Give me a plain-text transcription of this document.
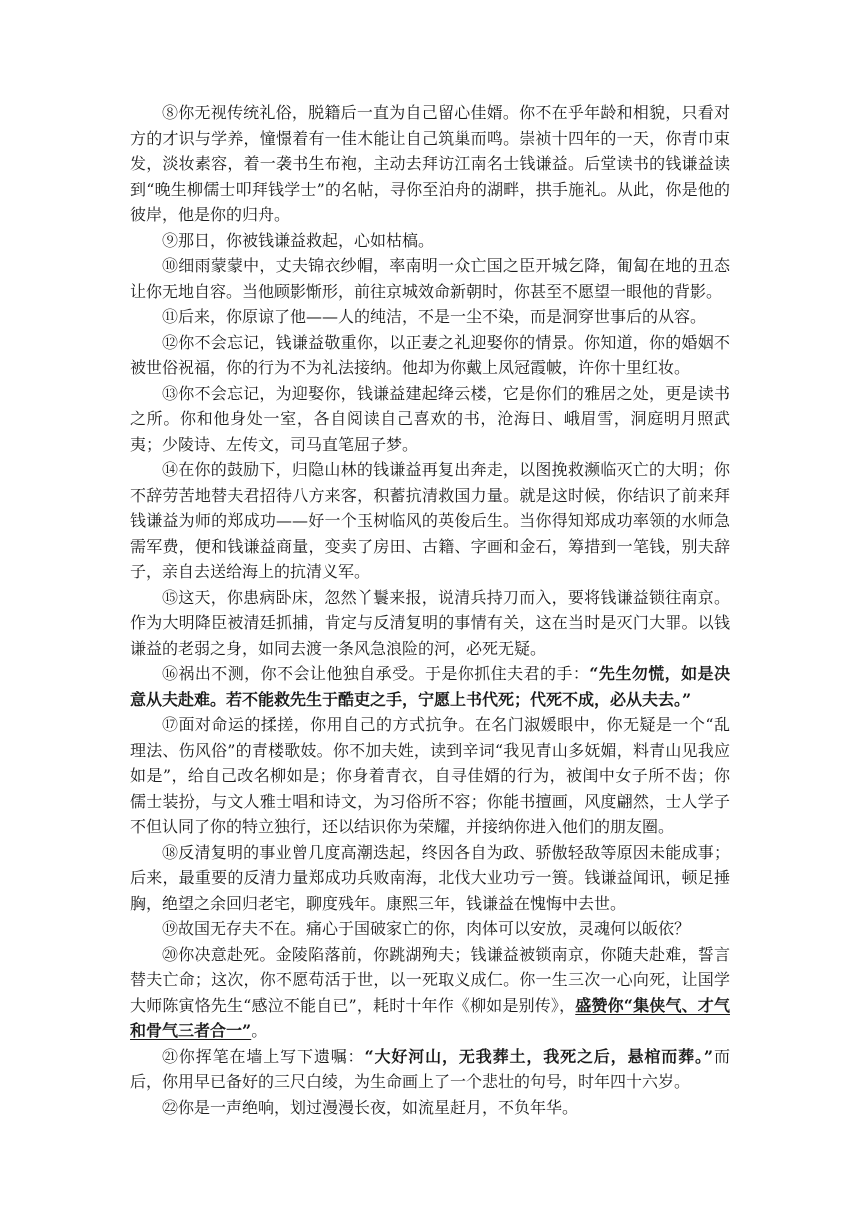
⑧你无视传统礼俗，脱籍后一直为自己留心佳婿。你不在乎年龄和相貌，只看对方的才识与学养，憧憬着有一佳木能让自己筑巢而鸣。崇祯十四年的一天，你青巾束发，淡妆素容，着一袭书生布袍，主动去拜访江南名士钱谦益。后堂读书的钱谦益读到“晚生柳儒士叩拜钱学士”的名帖，寻你至泊舟的湖畔，拱手施礼。从此，你是他的彼岸，他是你的归舟。

⑨那日，你被钱谦益救起，心如枯槁。

⑩细雨蒙蒙中，丈夫锦衣纱帽，率南明一众亡国之臣开城乞降，匍匐在地的丑态让你无地自容。当他顾影惭形，前往京城效命新朝时，你甚至不愿望一眼他的背影。

⑪后来，你原谅了他——人的纯洁，不是一尘不染，而是洞穿世事后的从容。

⑫你不会忘记，钱谦益敬重你，以正妻之礼迎娶你的情景。你知道，你的婚姻不被世俗祝福，你的行为不为礼法接纳。他却为你戴上凤冠霞帔，许你十里红妆。

⑬你不会忘记，为迎娶你，钱谦益建起绛云楼，它是你们的雅居之处，更是读书之所。你和他身处一室，各自阅读自己喜欢的书，沧海日、峨眉雪，洞庭明月照武夷；少陵诗、左传文，司马直笔屈子梦。

⑭在你的鼓励下，归隐山林的钱谦益再复出奔走，以图挽救濒临灭亡的大明；你不辞劳苦地替夫君招待八方来客，积蓄抗清救国力量。就是这时候，你结识了前来拜钱谦益为师的郑成功——好一个玉树临风的英俊后生。当你得知郑成功率领的水师急需军费，便和钱谦益商量，变卖了房田、古籍、字画和金石，筹措到一笔钱，别夫辞子，亲自去送给海上的抗清义军。

⑮这天，你患病卧床，忽然丫鬟来报，说清兵持刀而入，要将钱谦益锁往南京。作为大明降臣被清廷抓捕，肯定与反清复明的事情有关，这在当时是灭门大罪。以钱谦益的老弱之身，如同去渡一条风急浪险的河，必死无疑。

⑯祸出不测，你不会让他独自承受。于是你抓住夫君的手：“先生勿慌，如是决意从夫赴难。若不能救先生于酷吏之手，宁愿上书代死；代死不成，必从夫去。”

⑰面对命运的揉搓，你用自己的方式抗争。在名门淑媛眼中，你无疑是一个“乱理法、伤风俗”的青楼歌妓。你不加夫姓，读到辛词“我见青山多妩媚，料青山见我应如是”，给自己改名柳如是；你身着青衣，自寻佳婿的行为，被闺中女子所不齿；你儒士装扮，与文人雅士唱和诗文，为习俗所不容；你能书擅画，风度翩然，士人学子不但认同了你的特立独行，还以结识你为荣耀，并接纳你进入他们的朋友圈。

⑱反清复明的事业曾几度高潮迭起，终因各自为政、骄傲轻敌等原因未能成事；后来，最重要的反清力量郑成功兵败南海，北伐大业功亏一篑。钱谦益闻讯，顿足捶胸，绝望之余回归老宅，聊度残年。康熙三年，钱谦益在愧悔中去世。

⑲故国无存夫不在。痛心于国破家亡的你，肉体可以安放，灵魂何以皈依？

⑳你决意赴死。金陵陷落前，你跳湖殉夫；钱谦益被锁南京，你随夫赴难，誓言替夫亡命；这次，你不愿苟活于世，以一死取义成仁。你一生三次一心向死，让国学大师陈寅恪先生“感泣不能自已”，耗时十年作《柳如是别传》，盛赞你“集侠气、才气和骨气三者合一”。

㉑你挥笔在墙上写下遗嘱：“大好河山，无我葬土，我死之后，悬棺而葬。”而后，你用早已备好的三尺白绫，为生命画上了一个悲壮的句号，时年四十六岁。

㉒你是一声绝响，划过漫漫长夜，如流星赶月，不负年华。
